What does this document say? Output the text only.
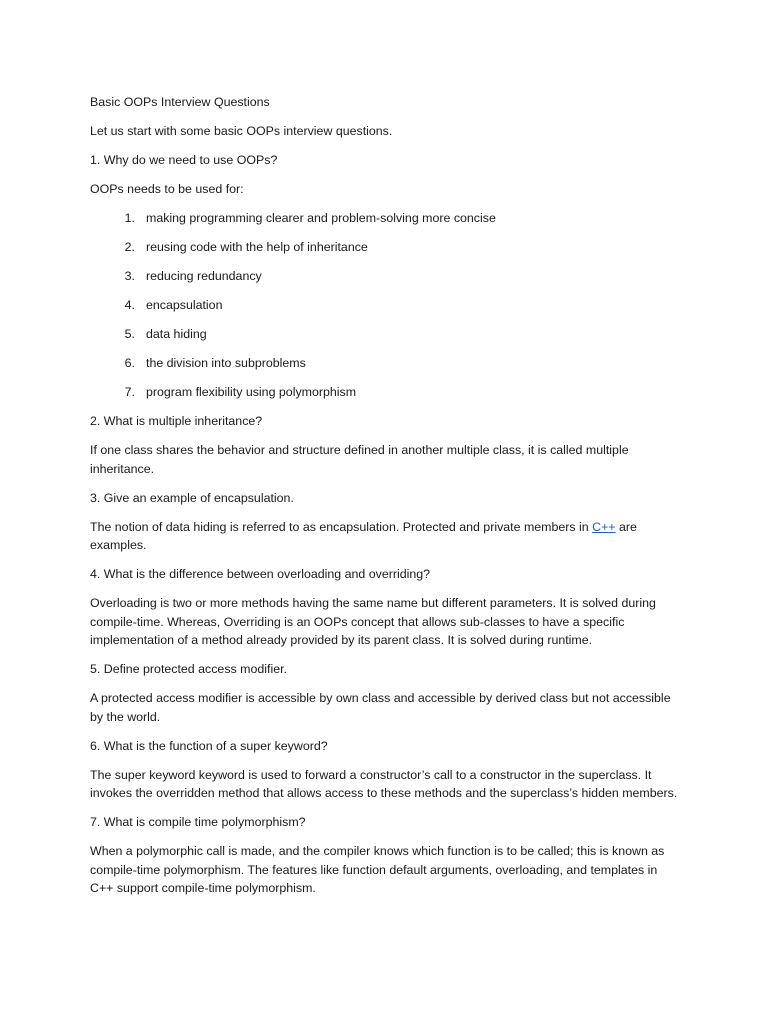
Basic OOPs Interview Questions

Let us start with some basic OOPs interview questions.

1. Why do we need to use OOPs?

OOPs needs to be used for:

1. making programming clearer and problem-solving more concise
2. reusing code with the help of inheritance
3. reducing redundancy
4. encapsulation
5. data hiding
6. the division into subproblems
7. program flexibility using polymorphism

2. What is multiple inheritance?

If one class shares the behavior and structure defined in another multiple class, it is called multiple inheritance.

3. Give an example of encapsulation.

The notion of data hiding is referred to as encapsulation. Protected and private members in C++ are examples.

4. What is the difference between overloading and overriding?

Overloading is two or more methods having the same name but different parameters. It is solved during compile-time. Whereas, Overriding is an OOPs concept that allows sub-classes to have a specific implementation of a method already provided by its parent class. It is solved during runtime.

5. Define protected access modifier.

A protected access modifier is accessible by own class and accessible by derived class but not accessible by the world.

6. What is the function of a super keyword?

The super keyword keyword is used to forward a constructor’s call to a constructor in the superclass. It invokes the overridden method that allows access to these methods and the superclass’s hidden members.

7. What is compile time polymorphism?

When a polymorphic call is made, and the compiler knows which function is to be called; this is known as compile-time polymorphism. The features like function default arguments, overloading, and templates in C++ support compile-time polymorphism.
